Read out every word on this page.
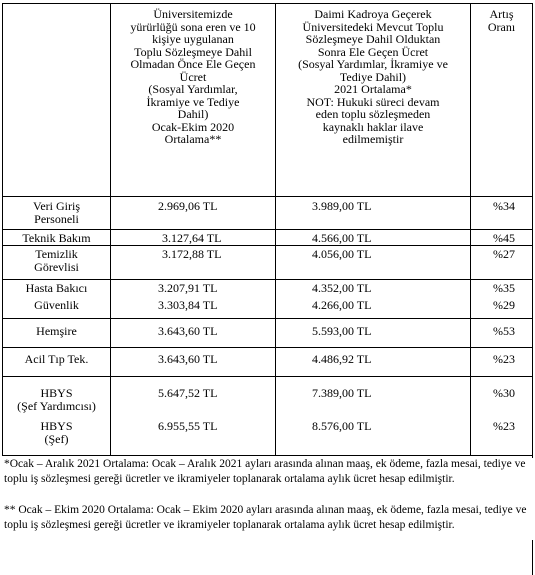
Üniversitemizde
yürürlüğü sona eren ve 10
kişiye uygulanan
Toplu Sözleşmeye Dahil
Olmadan Önce Ele Geçen
Ücret
(Sosyal Yardımlar,
İkramiye ve Tediye
Dahil)
Ocak-Ekim 2020
Ortalama**
Daimi Kadroya Geçerek
Üniversitedeki Mevcut Toplu
Sözleşmeye Dahil Olduktan
Sonra Ele Geçen Ücret
(Sosyal Yardımlar, İkramiye ve
Tediye Dahil)
2021 Ortalama*
NOT: Hukuki süreci devam
eden toplu sözleşmeden
kaynaklı haklar ilave
edilmemiştir
Artış
Oranı
Veri Giriş
Personeli
2.969,06 TL	3.989,00 TL	%34
Teknik Bakım	3.127,64 TL	4.566,00 TL	%45
Temizlik
Görevlisi
3.172,88 TL	4.056,00 TL	%27
Hasta Bakıcı	3.207,91 TL	4.352,00 TL	%35
Güvenlik	3.303,84 TL	4.266,00 TL	%29
Hemşire	3.643,60 TL	5.593,00 TL	%53
Acil Tıp Tek.	3.643,60 TL	4.486,92 TL	%23
HBYS
(Şef Yardımcısı)
5.647,52 TL	7.389,00 TL	%30
HBYS
(Şef)
6.955,55 TL	8.576,00 TL	%23
*Ocak – Aralık 2021 Ortalama: Ocak – Aralık 2021 ayları arasında alınan maaş, ek ödeme, fazla mesai, tediye ve toplu iş sözleşmesi gereği ücretler ve ikramiyeler toplanarak ortalama aylık ücret hesap edilmiştir.
** Ocak – Ekim 2020 Ortalama: Ocak – Ekim 2020 ayları arasında alınan maaş, ek ödeme, fazla mesai, tediye ve toplu iş sözleşmesi gereği ücretler ve ikramiyeler toplanarak ortalama aylık ücret hesap edilmiştir.
